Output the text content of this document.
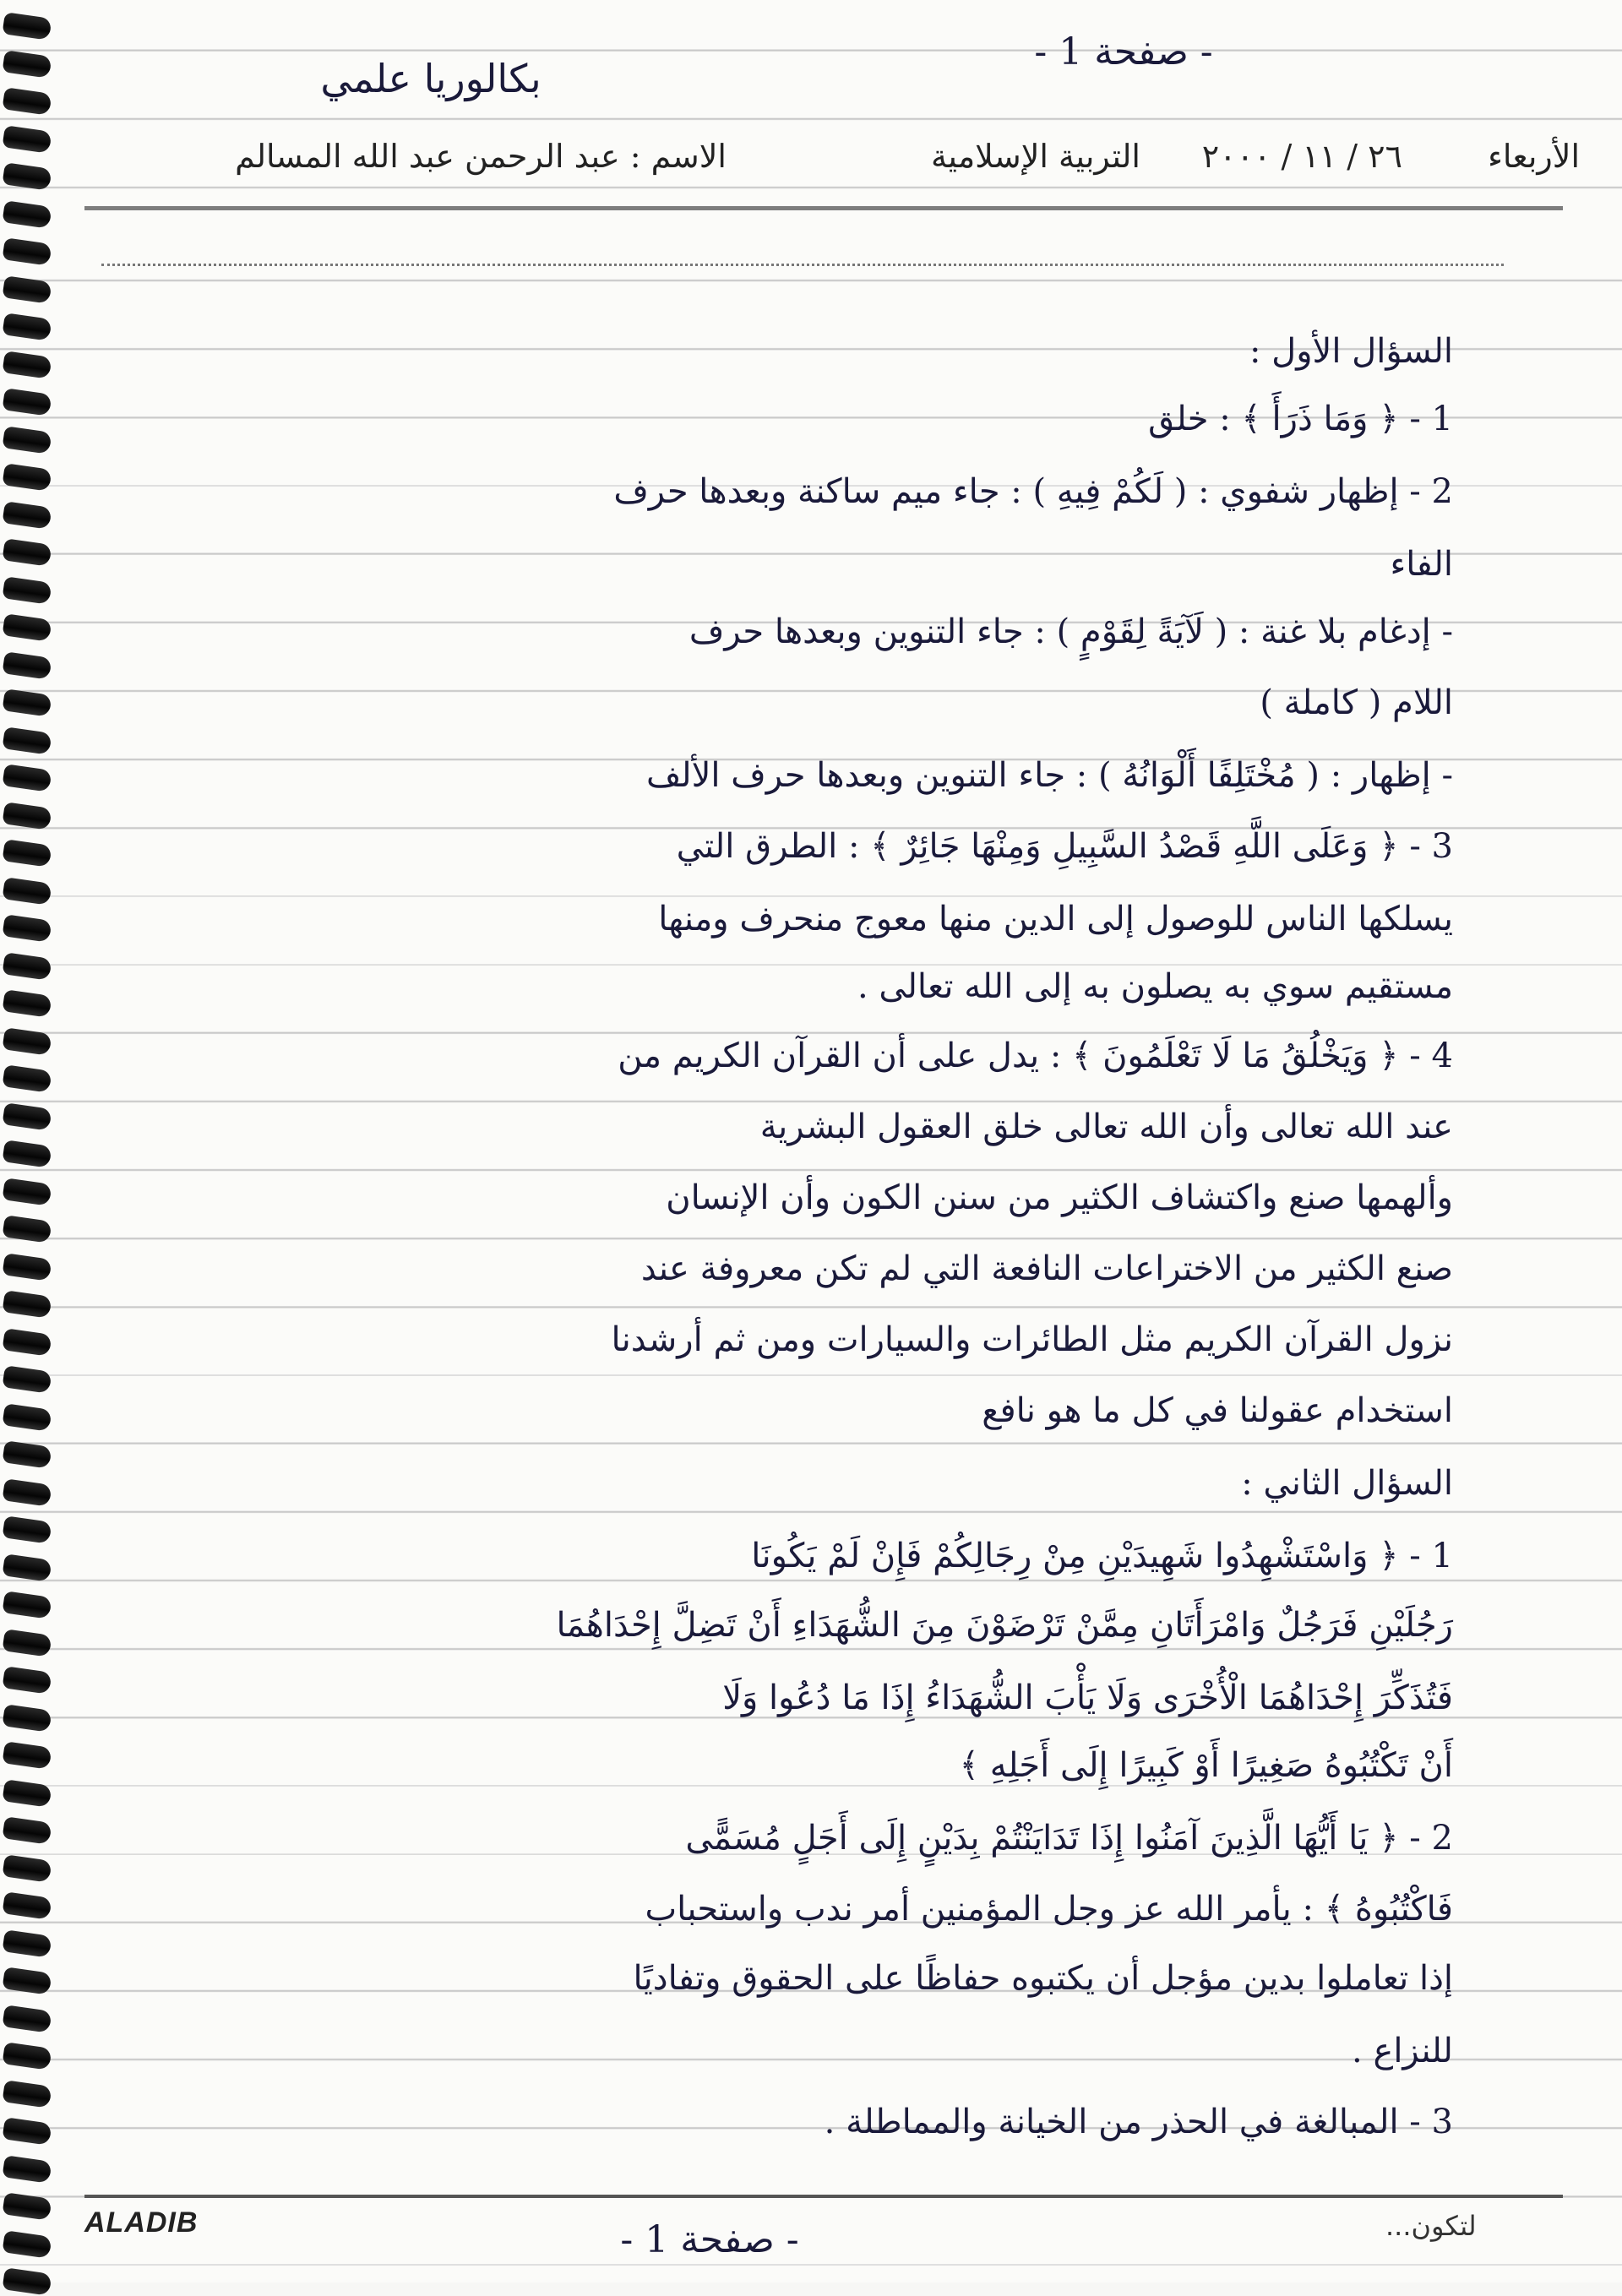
- صفحة 1 -
بكالوريا علمي
الأربعاء
٢٦ / ١١ / ٢٠٠٠
التربية الإسلامية
الاسم : عبد الرحمن عبد الله المسالم
السؤال الأول :
1 - ﴿ وَمَا ذَرَأَ ﴾ : خلق
2 - إظهار شفوي : ( لَكُمْ فِيهِ ) : جاء ميم ساكنة وبعدها حرف
الفاء
- إدغام بلا غنة : ( لَآيَةً لِقَوْمٍ ) : جاء التنوين وبعدها حرف
اللام ( كاملة )
- إظهار : ( مُخْتَلِفًا أَلْوَانُهُ ) : جاء التنوين وبعدها حرف الألف
3 - ﴿ وَعَلَى اللَّهِ قَصْدُ السَّبِيلِ وَمِنْهَا جَائِرٌ ﴾ : الطرق التي
يسلكها الناس للوصول إلى الدين منها معوج منحرف ومنها
مستقيم سوي به يصلون به إلى الله تعالى .
4 - ﴿ وَيَخْلُقُ مَا لَا تَعْلَمُونَ ﴾ : يدل على أن القرآن الكريم من
عند الله تعالى وأن الله تعالى خلق العقول البشرية
وألهمها صنع واكتشاف الكثير من سنن الكون وأن الإنسان
صنع الكثير من الاختراعات النافعة التي لم تكن معروفة عند
نزول القرآن الكريم مثل الطائرات والسيارات ومن ثم أرشدنا
استخدام عقولنا في كل ما هو نافع
السؤال الثاني :
1 - ﴿ وَاسْتَشْهِدُوا شَهِيدَيْنِ مِنْ رِجَالِكُمْ فَإِنْ لَمْ يَكُونَا
رَجُلَيْنِ فَرَجُلٌ وَامْرَأَتَانِ مِمَّنْ تَرْضَوْنَ مِنَ الشُّهَدَاءِ أَنْ تَضِلَّ إِحْدَاهُمَا
فَتُذَكِّرَ إِحْدَاهُمَا الْأُخْرَى وَلَا يَأْبَ الشُّهَدَاءُ إِذَا مَا دُعُوا وَلَا
أَنْ تَكْتُبُوهُ صَغِيرًا أَوْ كَبِيرًا إِلَى أَجَلِهِ ﴾
2 - ﴿ يَا أَيُّهَا الَّذِينَ آمَنُوا إِذَا تَدَايَنْتُمْ بِدَيْنٍ إِلَى أَجَلٍ مُسَمًّى
فَاكْتُبُوهُ ﴾ : يأمر الله عز وجل المؤمنين أمر ندب واستحباب
إذا تعاملوا بدين مؤجل أن يكتبوه حفاظًا على الحقوق وتفاديًا
للنزاع .
3 - المبالغة في الحذر من الخيانة والمماطلة .
ALADIB	لتكون...
- صفحة 1 -
